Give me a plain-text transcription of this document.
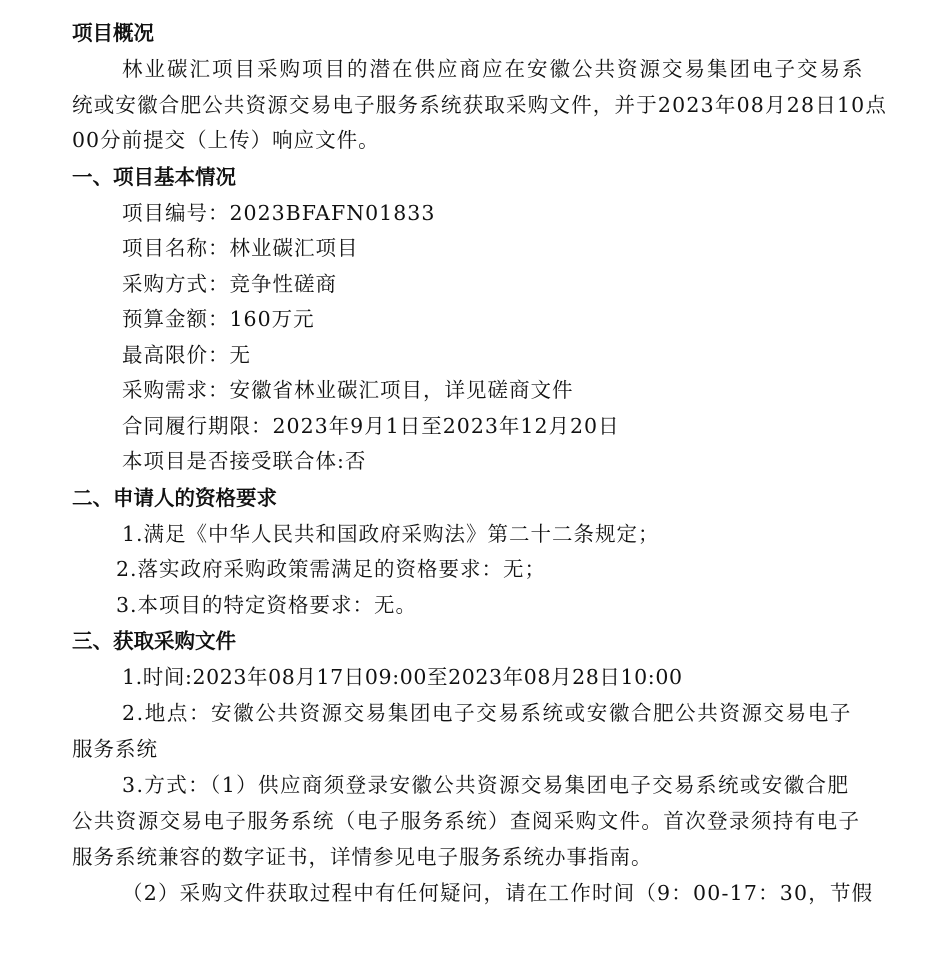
项目概况
林业碳汇项目采购项目的潜在供应商应在安徽公共资源交易集团电子交易系
统或安徽合肥公共资源交易电子服务系统获取采购文件，并于2023年08月28日10点
00分前提交（上传）响应文件。
一、项目基本情况
项目编号：2023BFAFN01833
项目名称：林业碳汇项目
采购方式：竞争性磋商
预算金额：160万元
最高限价：无
采购需求：安徽省林业碳汇项目，详见磋商文件
合同履行期限：2023年9月1日至2023年12月20日
本项目是否接受联合体:否
二、申请人的资格要求
1.满足《中华人民共和国政府采购法》第二十二条规定；
2.落实政府采购政策需满足的资格要求：无；
3.本项目的特定资格要求：无。
三、获取采购文件
1.时间:2023年08月17日09:00至2023年08月28日10:00
2.地点：安徽公共资源交易集团电子交易系统或安徽合肥公共资源交易电子
服务系统
3.方式：（1）供应商须登录安徽公共资源交易集团电子交易系统或安徽合肥
公共资源交易电子服务系统（电子服务系统）查阅采购文件。首次登录须持有电子
服务系统兼容的数字证书，详情参见电子服务系统办事指南。
（2）采购文件获取过程中有任何疑问，请在工作时间（9：00-17：30，节假
